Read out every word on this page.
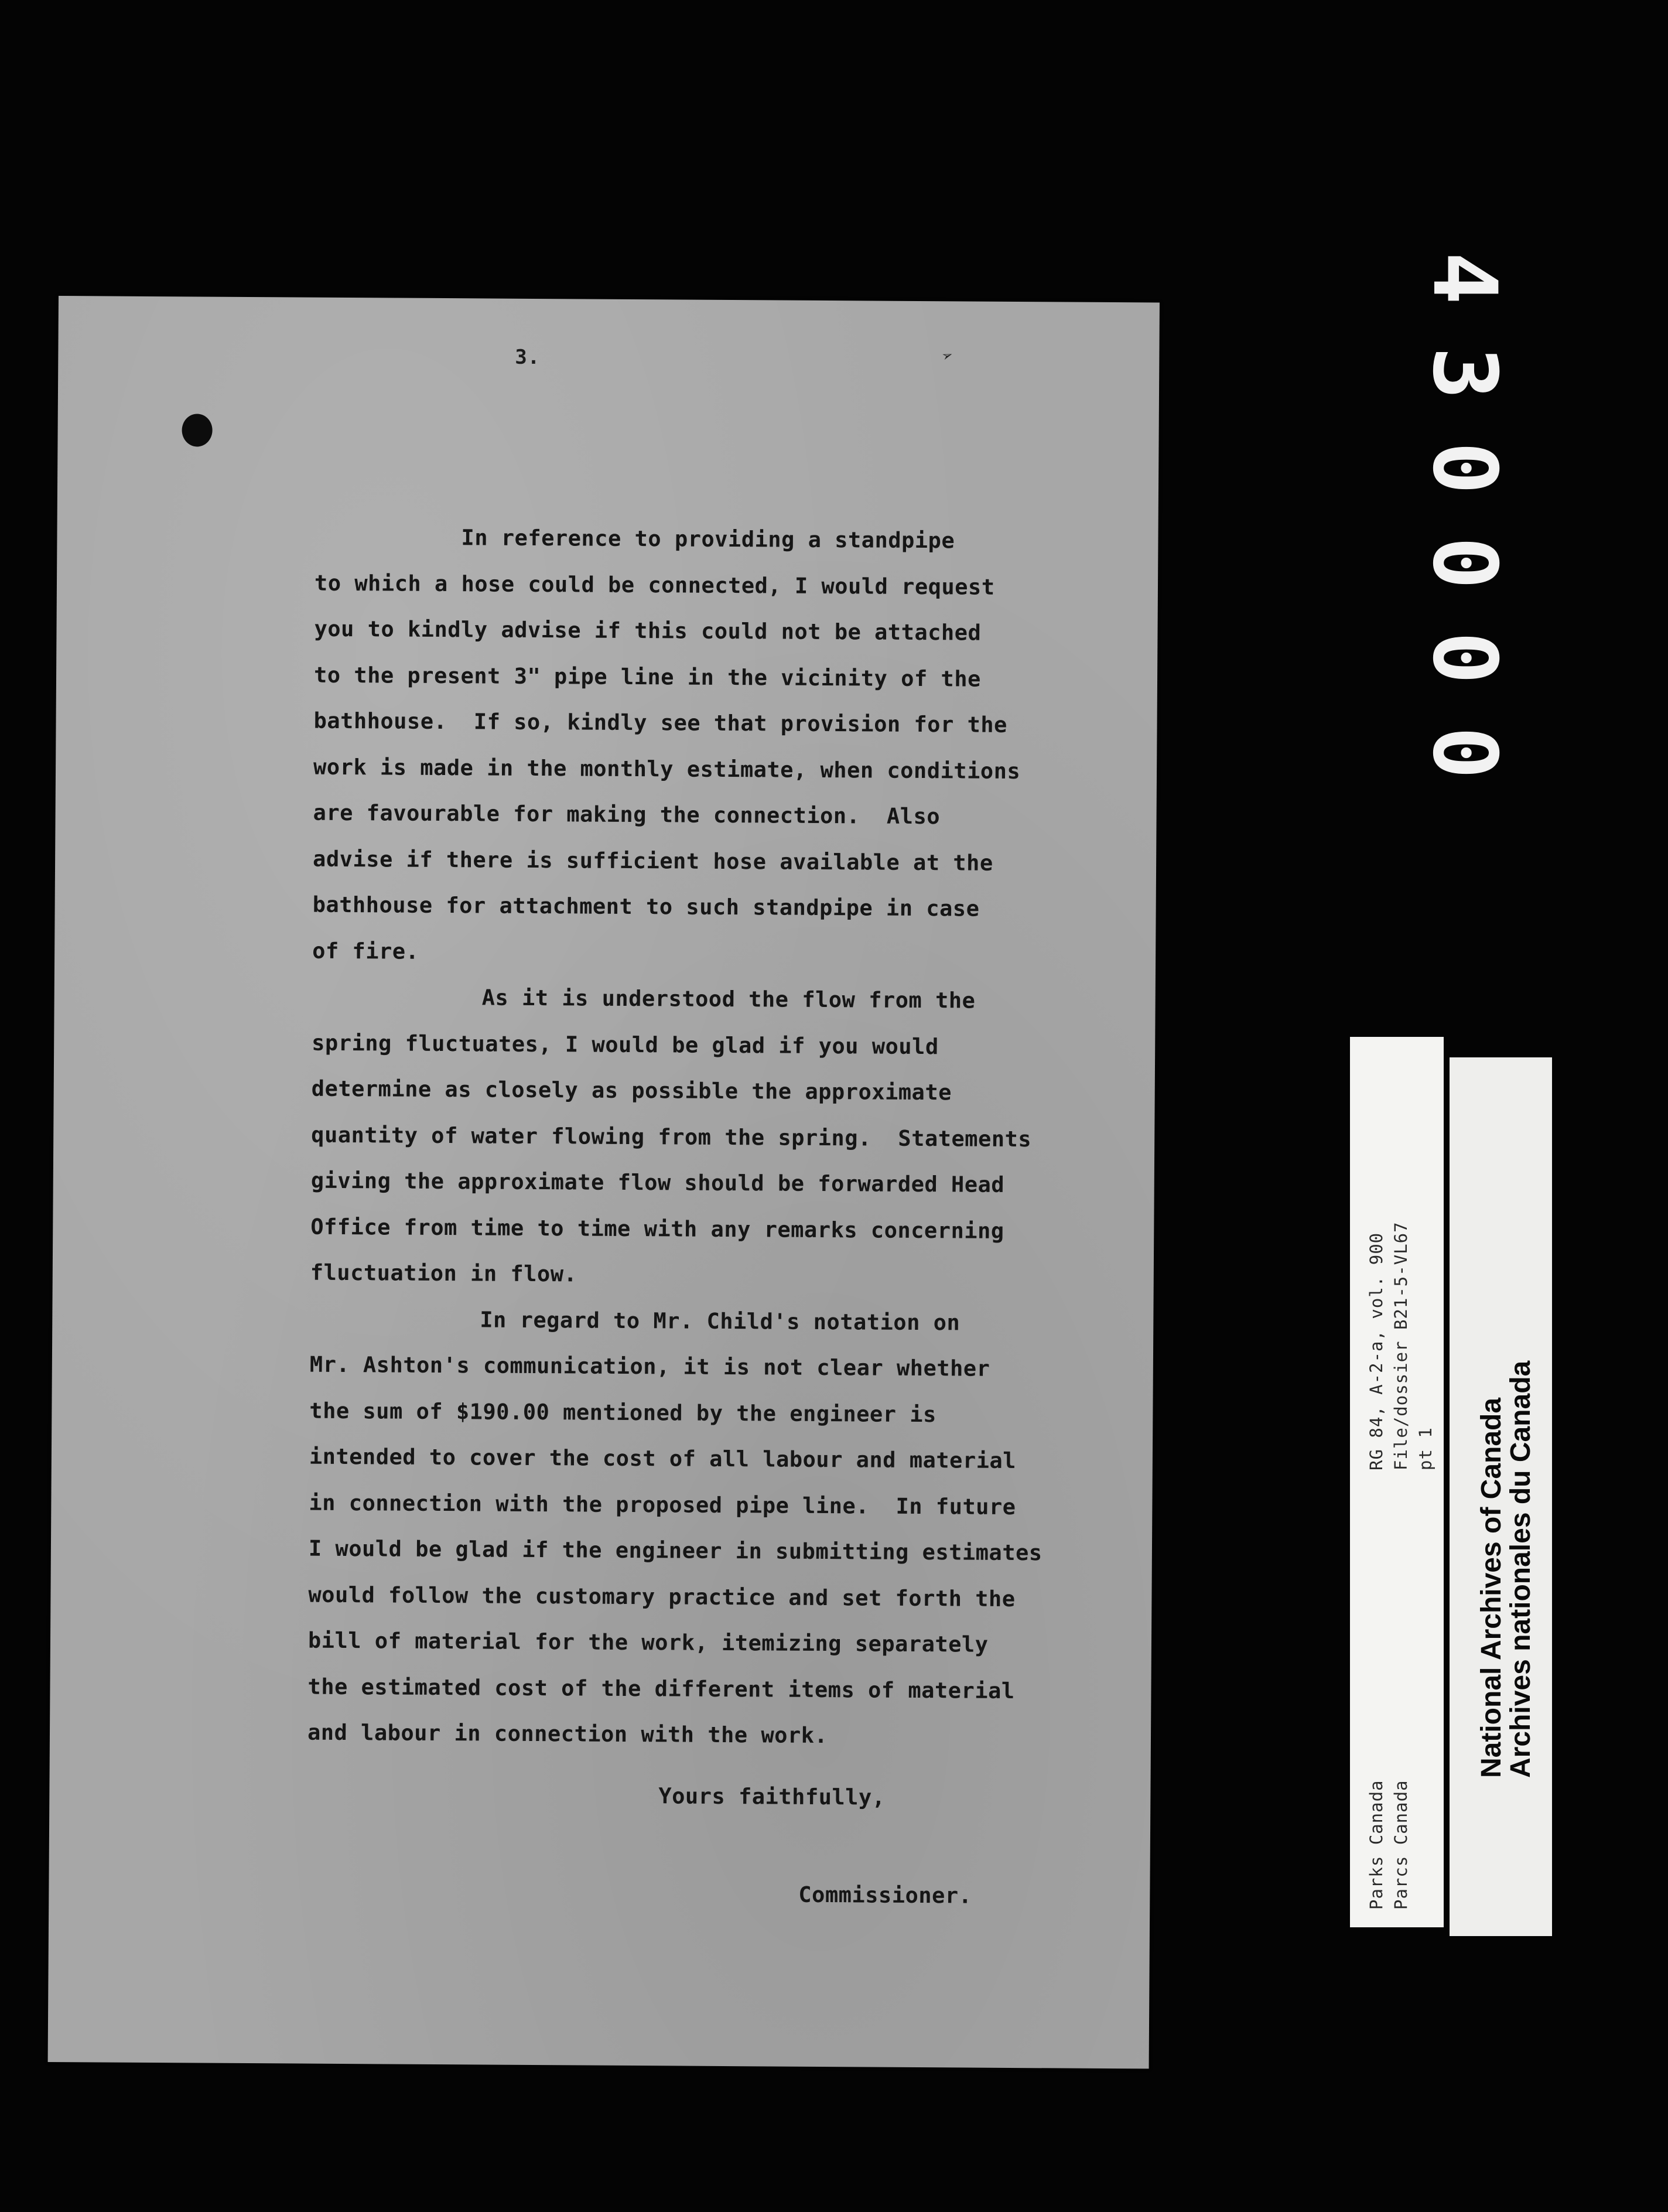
4
3
0
0
0
0
3.	➢
In reference to providing a standpipe
to which a hose could be connected, I would request
you to kindly advise if this could not be attached
to the present 3" pipe line in the vicinity of the
bathhouse.  If so, kindly see that provision for the
work is made in the monthly estimate, when conditions
are favourable for making the connection.  Also
advise if there is sufficient hose available at the
bathhouse for attachment to such standpipe in case
of fire.
As it is understood the flow from the
spring fluctuates, I would be glad if you would
determine as closely as possible the approximate
quantity of water flowing from the spring.  Statements
giving the approximate flow should be forwarded Head
Office from time to time with any remarks concerning
fluctuation in flow.
In regard to Mr. Child's notation on
Mr. Ashton's communication, it is not clear whether
the sum of $190.00 mentioned by the engineer is
intended to cover the cost of all labour and material
in connection with the proposed pipe line.  In future
I would be glad if the engineer in submitting estimates
would follow the customary practice and set forth the
bill of material for the work, itemizing separately
the estimated cost of the different items of material
and labour in connection with the work.
Yours faithfully,
Commissioner.	Parks Canada Parcs Canada
RG 84, A-2-a, vol. 900 File/dossier B21-5-VL67 pt 1 National Archives of Canada
Archives nationales du Canada
